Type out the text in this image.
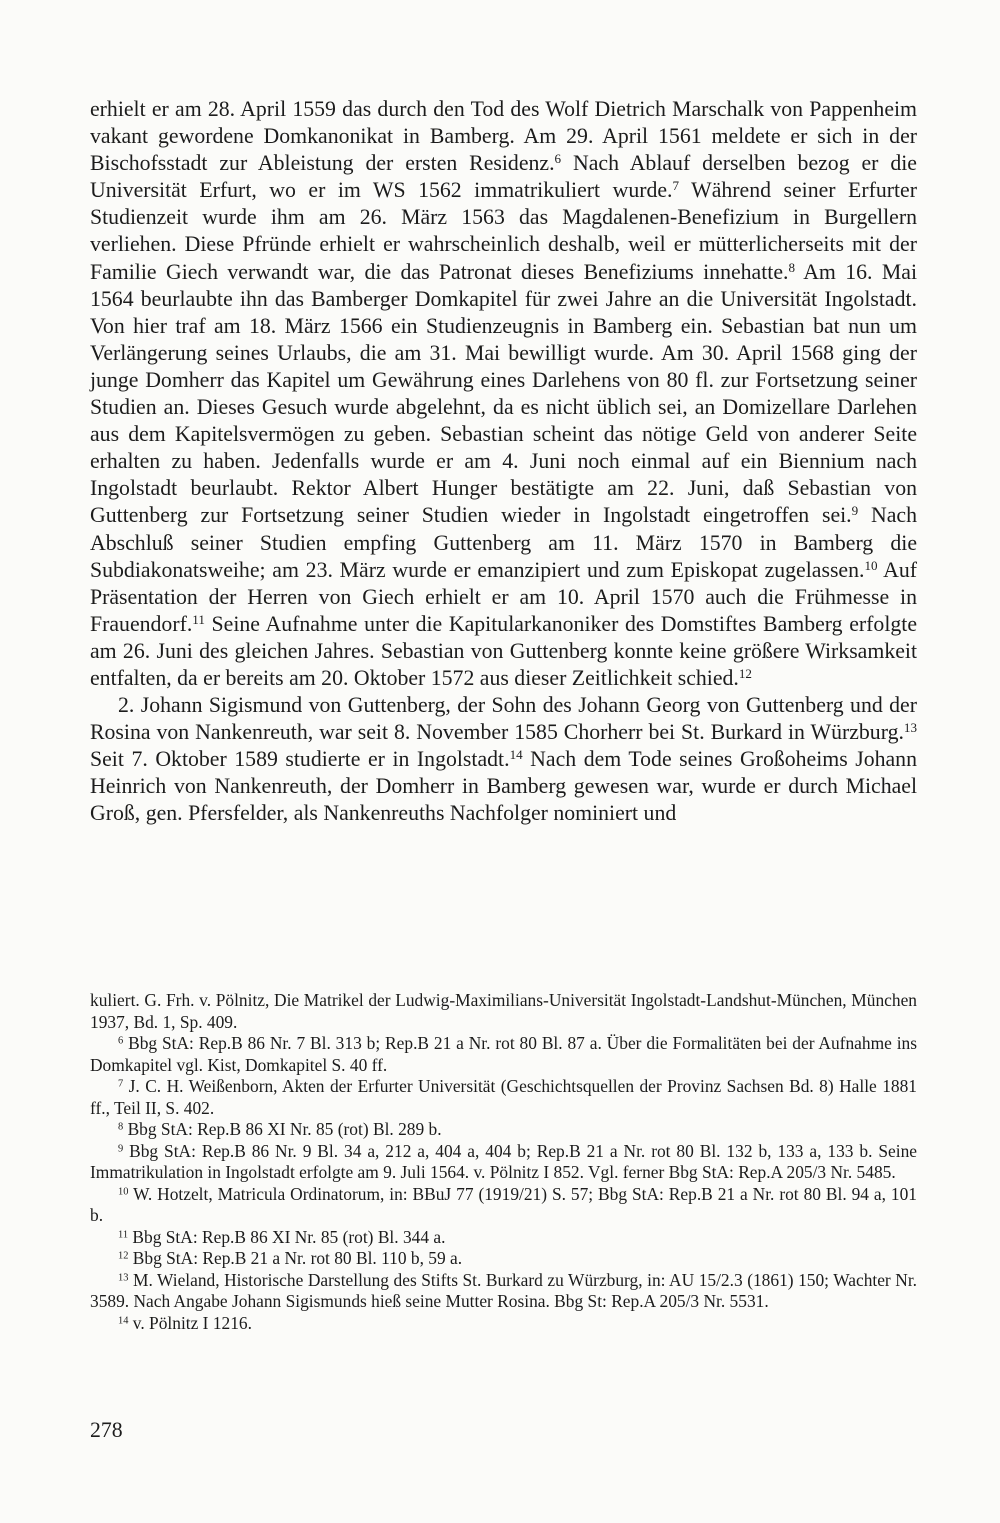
erhielt er am 28. April 1559 das durch den Tod des Wolf Dietrich Marschalk von Pappenheim vakant gewordene Domkanonikat in Bamberg. Am 29. April 1561 meldete er sich in der Bischofsstadt zur Ableistung der ersten Residenz.$^6$ Nach Ablauf derselben bezog er die Universität Erfurt, wo er im WS 1562 immatrikuliert wurde.$^7$ Während seiner Erfurter Studienzeit wurde ihm am 26. März 1563 das Magdalenen-Benefizium in Burgellern verliehen. Diese Pfründe erhielt er wahrscheinlich deshalb, weil er mütterlicherseits mit der Familie Giech verwandt war, die das Patronat dieses Benefiziums innehatte.$^8$ Am 16. Mai 1564 beurlaubte ihn das Bamberger Domkapitel für zwei Jahre an die Universität Ingolstadt. Von hier traf am 18. März 1566 ein Studienzeugnis in Bamberg ein. Sebastian bat nun um Verlängerung seines Urlaubs, die am 31. Mai bewilligt wurde. Am 30. April 1568 ging der junge Domherr das Kapitel um Gewährung eines Darlehens von 80 fl. zur Fortsetzung seiner Studien an. Dieses Gesuch wurde abgelehnt, da es nicht üblich sei, an Domizellare Darlehen aus dem Kapitelsvermögen zu geben. Sebastian scheint das nötige Geld von anderer Seite erhalten zu haben. Jedenfalls wurde er am 4. Juni noch einmal auf ein Biennium nach Ingolstadt beurlaubt. Rektor Albert Hunger bestätigte am 22. Juni, daß Sebastian von Guttenberg zur Fortsetzung seiner Studien wieder in Ingolstadt eingetroffen sei.$^9$ Nach Abschluß seiner Studien empfing Guttenberg am 11. März 1570 in Bamberg die Subdiakonatsweihe; am 23. März wurde er emanzipiert und zum Episkopat zugelassen.$^{10}$ Auf Präsentation der Herren von Giech erhielt er am 10. April 1570 auch die Frühmesse in Frauendorf.$^{11}$ Seine Aufnahme unter die Kapitularkanoniker des Domstiftes Bamberg erfolgte am 26. Juni des gleichen Jahres. Sebastian von Guttenberg konnte keine größere Wirksamkeit entfalten, da er bereits am 20. Oktober 1572 aus dieser Zeitlichkeit schied.$^{12}$

2. Johann Sigismund von Guttenberg, der Sohn des Johann Georg von Guttenberg und der Rosina von Nankenreuth, war seit 8. November 1585 Chorherr bei St. Burkard in Würzburg.$^{13}$ Seit 7. Oktober 1589 studierte er in Ingolstadt.$^{14}$ Nach dem Tode seines Großoheims Johann Heinrich von Nankenreuth, der Domherr in Bamberg gewesen war, wurde er durch Michael Groß, gen. Pfersfelder, als Nankenreuths Nachfolger nominiert und

kuliert. G. Frh. v. Pölnitz, Die Matrikel der Ludwig-Maximilians-Universität Ingolstadt-Landshut-München, München 1937, Bd. 1, Sp. 409.

$^6$ Bbg StA: Rep.B 86 Nr. 7 Bl. 313 b; Rep.B 21 a Nr. rot 80 Bl. 87 a. Über die Formalitäten bei der Aufnahme ins Domkapitel vgl. Kist, Domkapitel S. 40 ff.

$^7$ J. C. H. Weißenborn, Akten der Erfurter Universität (Geschichtsquellen der Provinz Sachsen Bd. 8) Halle 1881 ff., Teil II, S. 402.

$^8$ Bbg StA: Rep.B 86 XI Nr. 85 (rot) Bl. 289 b.

$^9$ Bbg StA: Rep.B 86 Nr. 9 Bl. 34 a, 212 a, 404 a, 404 b; Rep.B 21 a Nr. rot 80 Bl. 132 b, 133 a, 133 b. Seine Immatrikulation in Ingolstadt erfolgte am 9. Juli 1564. v. Pölnitz I 852. Vgl. ferner Bbg StA: Rep.A 205/3 Nr. 5485.

$^{10}$ W. Hotzelt, Matricula Ordinatorum, in: BBuJ 77 (1919/21) S. 57; Bbg StA: Rep.B 21 a Nr. rot 80 Bl. 94 a, 101 b.

$^{11}$ Bbg StA: Rep.B 86 XI Nr. 85 (rot) Bl. 344 a.

$^{12}$ Bbg StA: Rep.B 21 a Nr. rot 80 Bl. 110 b, 59 a.

$^{13}$ M. Wieland, Historische Darstellung des Stifts St. Burkard zu Würzburg, in: AU 15/2.3 (1861) 150; Wachter Nr. 3589. Nach Angabe Johann Sigismunds hieß seine Mutter Rosina. Bbg St: Rep.A 205/3 Nr. 5531.

$^{14}$ v. Pölnitz I 1216.

278
